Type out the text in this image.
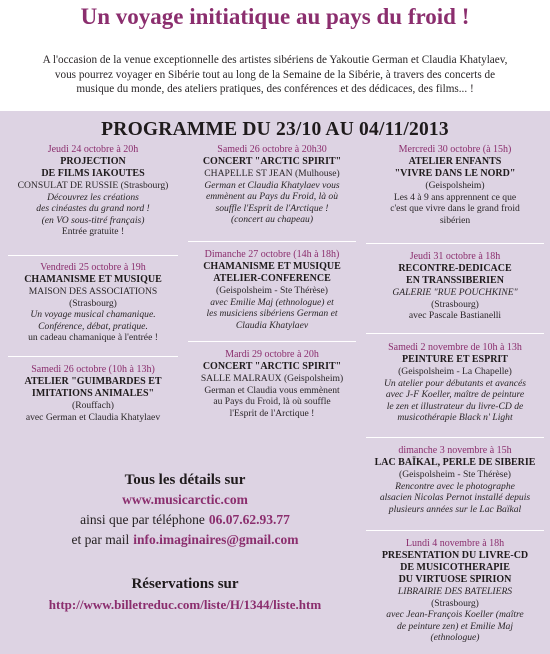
Un voyage initiatique au pays du froid !
A l'occasion de la venue exceptionnelle des artistes sibériens de Yakoutie German et Claudia Khatylaev,
vous pourrez voyager en Sibérie tout au long de la Semaine de la Sibérie, à travers des concerts de
musique du monde, des ateliers pratiques, des conférences et des dédicaces, des films... !
PROGRAMME DU 23/10 AU 04/11/2013
Jeudi 24 octobre à 20h
PROJECTION
DE FILMS IAKOUTES
CONSULAT DE RUSSIE (Strasbourg)
Découvrez les créations
des cinéastes du grand nord !
(en VO sous-titré français)
Entrée gratuite !
Vendredi 25 octobre à 19h
CHAMANISME ET MUSIQUE
MAISON DES ASSOCIATIONS
(Strasbourg)
Un voyage musical chamanique.
Conférence, débat, pratique.
un cadeau chamanique à l'entrée !
Samedi 26 octobre (10h à 13h)
ATELIER "GUIMBARDES ET
IMITATIONS ANIMALES"
(Rouffach)
avec German et Claudia Khatylaev
Samedi 26 octobre à 20h30
CONCERT "ARCTIC SPIRIT"
CHAPELLE ST JEAN (Mulhouse)
German et Claudia Khatylaev vous
emmènent au Pays du Froid, là où
souffle l'Esprit de l'Arctique !
(concert au chapeau)
Dimanche 27 octobre (14h à 18h)
CHAMANISME ET MUSIQUE
ATELIER-CONFERENCE
(Geispolsheim - Ste Thérèse)
avec Emilie Maj (ethnologue) et
les musiciens sibériens German et
Claudia Khatylaev
Mardi 29 octobre à 20h
CONCERT "ARCTIC SPIRIT"
SALLE MALRAUX (Geispolsheim)
German et Claudia vous emmènent
au Pays du Froid, là où souffle
l'Esprit de l'Arctique !
Mercredi 30 octobre (à 15h)
ATELIER ENFANTS
"VIVRE DANS LE NORD"
(Geispolsheim)
Les 4 à 9 ans apprennent ce que
c'est que vivre dans le grand froid
sibérien
Jeudi 31 octobre à 18h
RECONTRE-DEDICACE
EN TRANSSIBERIEN
GALERIE "RUE POUCHKINE"
(Strasbourg)
avec Pascale Bastianelli
Samedi 2 novembre de 10h à 13h
PEINTURE ET ESPRIT
(Geispolsheim - La Chapelle)
Un atelier pour débutants et avancés
avec J-F Koeller, maître de peinture
le zen et illustrateur du livre-CD de
musicothérapie Black n' Light
dimanche 3 novembre à 15h
LAC BAÏKAL, PERLE DE SIBERIE
(Geispolsheim - Ste Thérèse)
Rencontre avec le photographe
alsacien Nicolas Pernot installé depuis
plusieurs années sur le Lac Baïkal
Lundi 4 novembre à 18h
PRESENTATION DU LIVRE-CD
DE MUSICOTHERAPIE
DU VIRTUOSE SPIRION
LIBRAIRIE DES BATELIERS
(Strasbourg)
avec Jean-François Koeller (maître
de peinture zen) et Emilie Maj
(ethnologue)
Tous les détails sur
www.musicarctic.com
ainsi que par téléphone 06.07.62.93.77
et par mail info.imaginaires@gmail.com
Réservations sur
http://www.billetreduc.com/liste/H/1344/liste.htm
